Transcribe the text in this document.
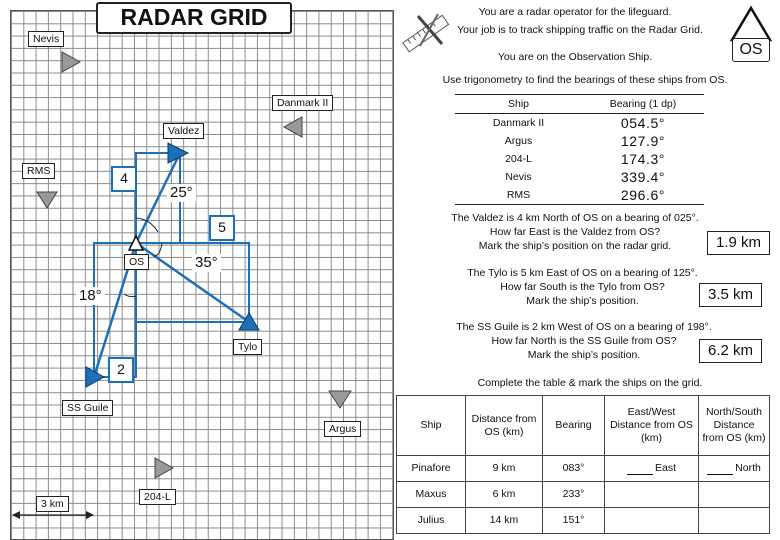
RADAR GRID
Nevis
Danmark II
Valdez
RMS
OS
SS Guile
Tylo
Argus
204-L
3 km
25°
35°
18°
4
5
2
You are a radar operator for the lifeguard.
Your job is to track shipping traffic on the Radar Grid.
You are on the Observation Ship.	OS
Use trigonometry to find the bearings of these ships from OS.
Ship	Bearing (1 dp)
Danmark II	054.5°
Argus	127.9°
204-L	174.3°
Nevis	339.4°
RMS	296.6°
The Valdez is 4 km North of OS on a bearing of 025°.
How far East is the Valdez from OS?
Mark the ship’s position on the radar grid.	1.9 km
The Tylo is 5 km East of OS on a bearing of 125°.
How far South is the Tylo from OS?
Mark the ship’s position.	3.5 km
The SS Guile is 2 km West of OS on a bearing of 198°.
How far North is the SS Guile from OS?
Mark the ship’s position.	6.2 km
Complete the table & mark the ships on the grid.
Ship	Distance from OS (km)	Bearing	East/West Distance from OS (km)	North/South Distance from OS (km)
Pinafore	9 km	083°	East	North
Maxus	6 km	233°		
Julius	14 km	151°		
